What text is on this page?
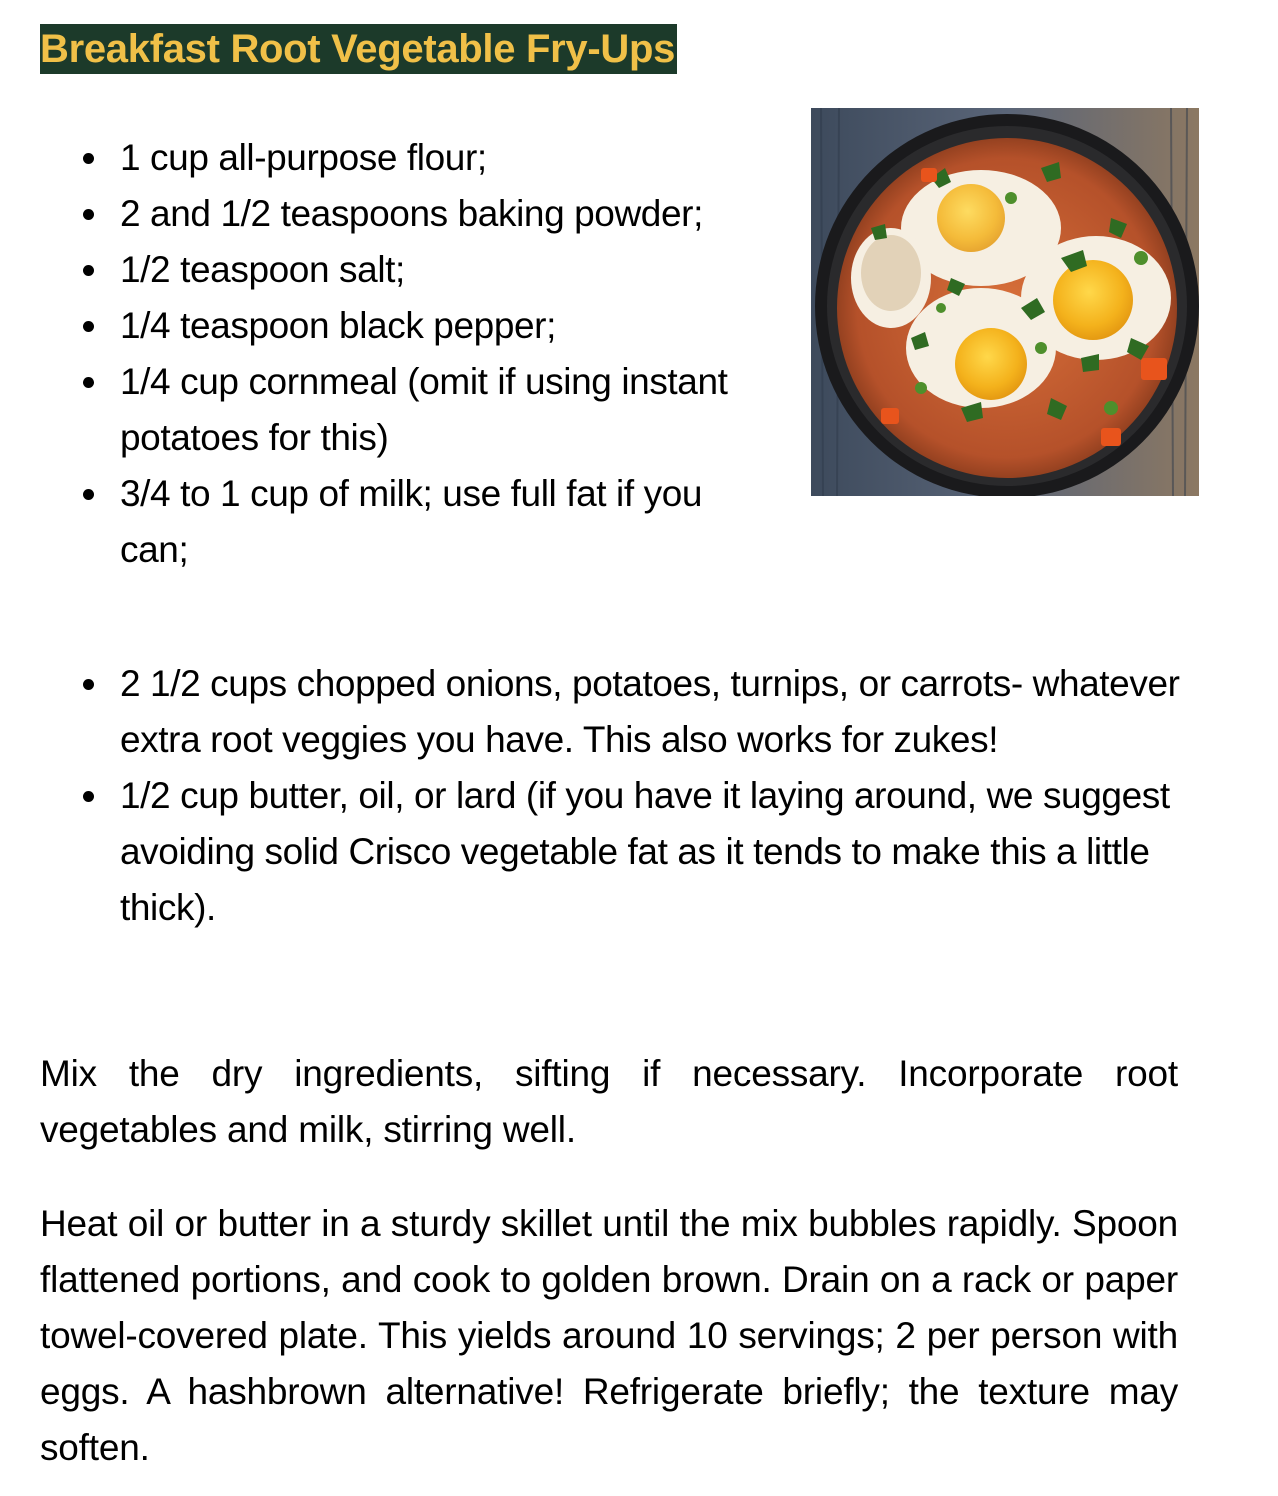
Breakfast Root Vegetable Fry-Ups
1 cup all-purpose flour;
2 and 1/2 teaspoons baking powder;
1/2 teaspoon salt;
1/4 teaspoon black pepper;
1/4 cup cornmeal (omit if using instant potatoes for this)
3/4 to 1 cup of milk; use full fat if you can;
2 1/2 cups chopped onions, potatoes, turnips, or carrots- whatever extra root veggies you have. This also works for zukes!
1/2 cup butter, oil, or lard (if you have it laying around, we suggest avoiding solid Crisco vegetable fat as it tends to make this a little thick).

Mix the dry ingredients, sifting if necessary. Incorporate root vegetables and milk, stirring well.

Heat oil or butter in a sturdy skillet until the mix bubbles rapidly. Spoon flattened portions, and cook to golden brown. Drain on a rack or paper towel-covered plate. This yields around 10 servings; 2 per person with eggs. A hashbrown alternative! Refrigerate briefly; the texture may soften.
